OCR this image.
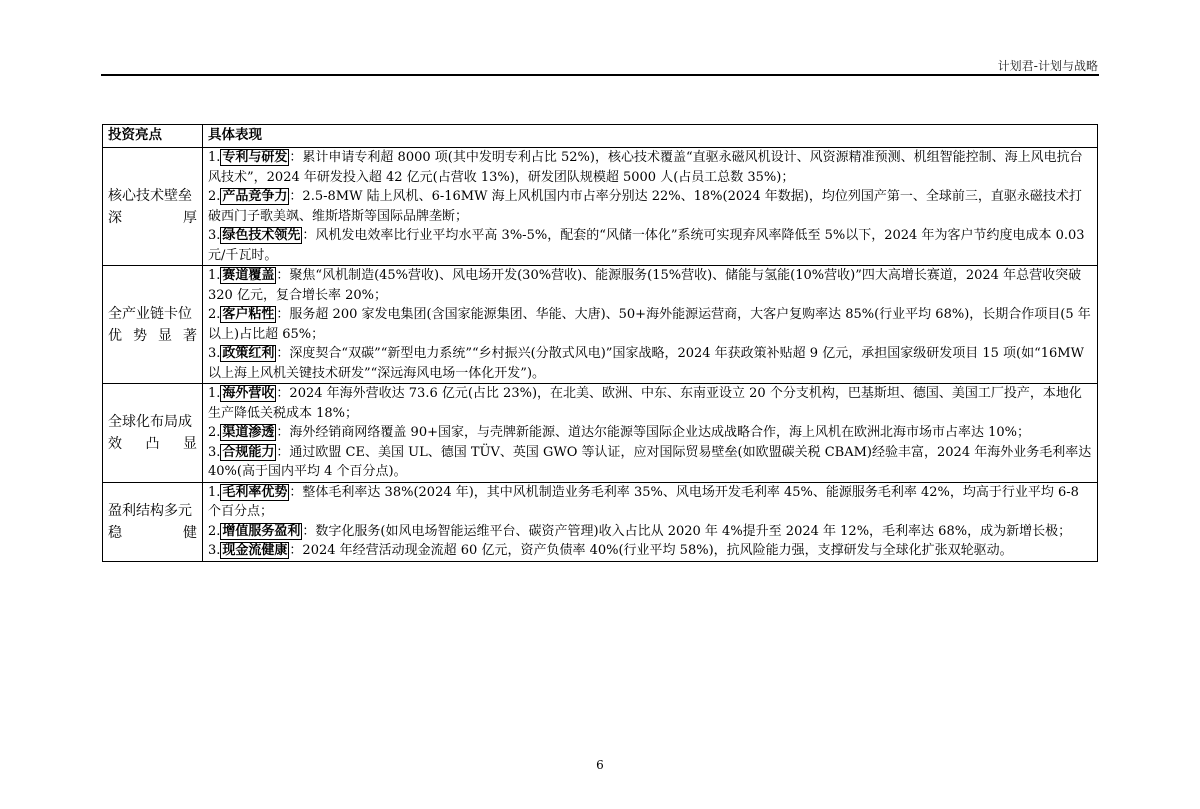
计划君-计划与战略
投资亮点	具体表现
核心技术壁垒深厚	1. 专利与研发 ：累计申请专利超 8000 项(其中发明专利占比 52%)，核心技术覆盖“直驱永磁风机设计、风资源精准预测、机组智能控制、海上风电抗台风技术”，2024 年研发投入超 42 亿元(占营收 13%)，研发团队规模超 5000 人(占员工总数 35%)；
2. 产品竞争力 ：2.5-8MW 陆上风机、6-16MW 海上风机国内市占率分别达 22%、18%(2024 年数据)，均位列国产第一、全球前三，直驱永磁技术打破西门子歌美飒、维斯塔斯等国际品牌垄断；
3. 绿色技术领先 ：风机发电效率比行业平均水平高 3%-5%，配套的“风储一体化”系统可实现弃风率降低至 5%以下，2024 年为客户节约度电成本 0.03 元/千瓦时。

全产业链卡位优势显著	1. 赛道覆盖 ：聚焦“风机制造(45%营收)、风电场开发(30%营收)、能源服务(15%营收)、储能与氢能(10%营收)”四大高增长赛道，2024 年总营收突破 320 亿元，复合增长率 20%；
2. 客户粘性 ：服务超 200 家发电集团(含国家能源集团、华能、大唐)、50+海外能源运营商，大客户复购率达 85%(行业平均 68%)，长期合作项目(5 年以上)占比超 65%；
3. 政策红利 ：深度契合“双碳”“新型电力系统”“乡村振兴(分散式风电)”国家战略，2024 年获政策补贴超 9 亿元，承担国家级研发项目 15 项(如“16MW 以上海上风机关键技术研发”“深远海风电场一体化开发”)。

全球化布局成效凸显	1. 海外营收 ：2024 年海外营收达 73.6 亿元(占比 23%)，在北美、欧洲、中东、东南亚设立 20 个分支机构，巴基斯坦、德国、美国工厂投产，本地化生产降低关税成本 18%；
2. 渠道渗透 ：海外经销商网络覆盖 90+国家，与壳牌新能源、道达尔能源等国际企业达成战略合作，海上风机在欧洲北海市场市占率达 10%；
3. 合规能力 ：通过欧盟 CE、美国 UL、德国 TÜV、英国 GWO 等认证，应对国际贸易壁垒(如欧盟碳关税 CBAM)经验丰富，2024 年海外业务毛利率达 40%(高于国内平均 4 个百分点)。

盈利结构多元稳健	1. 毛利率优势 ：整体毛利率达 38%(2024 年)，其中风机制造业务毛利率 35%、风电场开发毛利率 45%、能源服务毛利率 42%，均高于行业平均 6-8 个百分点；
2. 增值服务盈利 ：数字化服务(如风电场智能运维平台、碳资产管理)收入占比从 2020 年 4%提升至 2024 年 12%，毛利率达 68%，成为新增长极；
3. 现金流健康 ：2024 年经营活动现金流超 60 亿元，资产负债率 40%(行业平均 58%)，抗风险能力强，支撑研发与全球化扩张双轮驱动。
6
